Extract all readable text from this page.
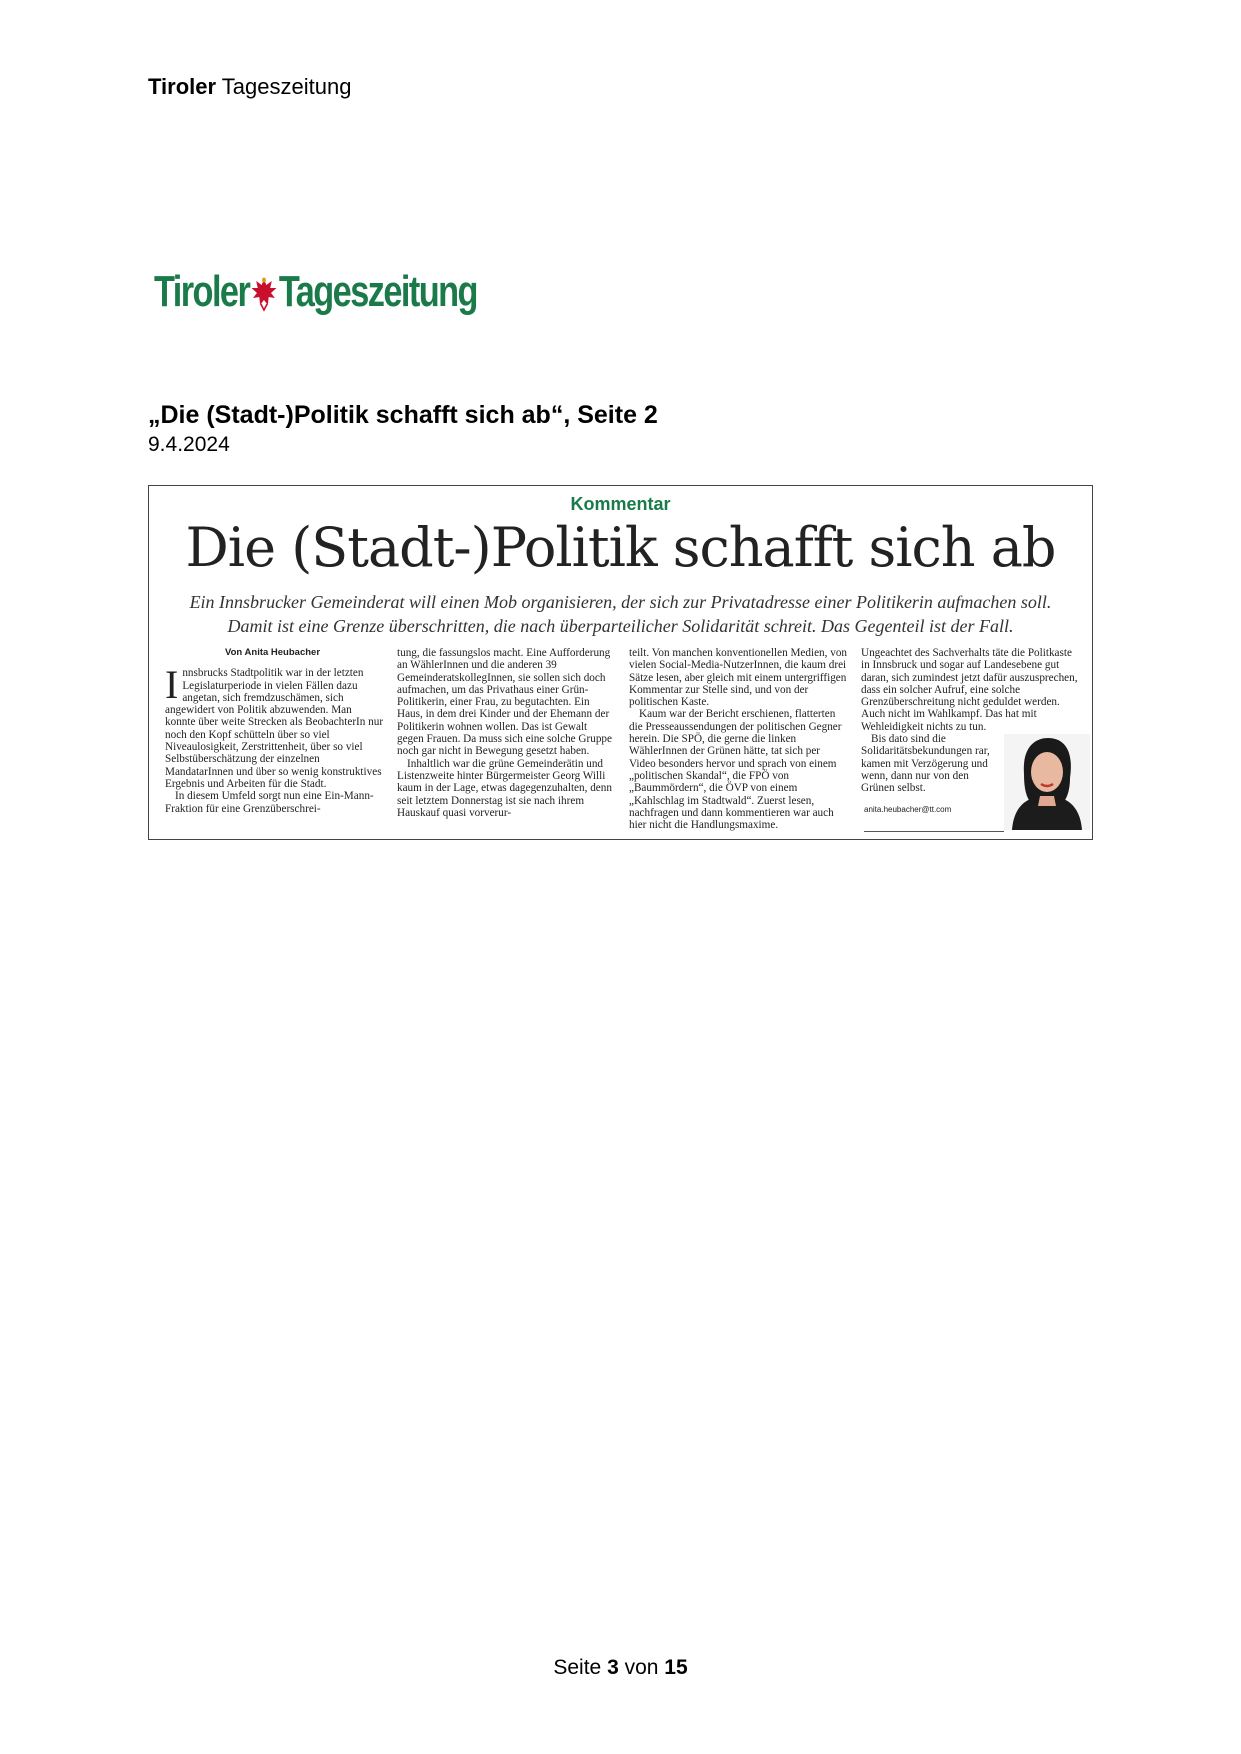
Tiroler Tageszeitung
Tiroler Tageszeitung
„Die (Stadt-)Politik schafft sich ab“, Seite 2
9.4.2024
Kommentar
Die (Stadt-)Politik schafft sich ab
Ein Innsbrucker Gemeinderat will einen Mob organisieren, der sich zur Privatadresse einer Politikerin aufmachen soll. Damit ist eine Grenze überschritten, die nach überparteilicher Solidarität schreit. Das Gegenteil ist der Fall.
Von Anita Heubacher

Innsbrucks Stadtpolitik war in der letzten Legislaturperiode in vielen Fällen dazu angetan, sich fremdzuschämen, sich angewidert von Politik abzuwenden. Man konnte über weite Strecken als BeobachterIn nur noch den Kopf schütteln über so viel Niveaulosigkeit, Zerstrittenheit, über so viel Selbstüberschätzung der einzelnen MandatarInnen und über so wenig konstruktives Ergebnis und Arbeiten für die Stadt.

In diesem Umfeld sorgt nun eine Ein-Mann-Fraktion für eine Grenzüberschrei-

tung, die fassungslos macht. Eine Aufforderung an WählerInnen und die anderen 39 GemeinderatskollegInnen, sie sollen sich doch aufmachen, um das Privathaus einer Grün-Politikerin, einer Frau, zu begutachten. Ein Haus, in dem drei Kinder und der Ehemann der Politikerin wohnen wollen. Das ist Gewalt gegen Frauen. Da muss sich eine solche Gruppe noch gar nicht in Bewegung gesetzt haben.

Inhaltlich war die grüne Gemeinderätin und Listenzweite hinter Bürgermeister Georg Willi kaum in der Lage, etwas dagegenzuhalten, denn seit letztem Donnerstag ist sie nach ihrem Hauskauf quasi vorverur-

teilt. Von manchen konventionellen Medien, von vielen Social-Media-NutzerInnen, die kaum drei Sätze lesen, aber gleich mit einem untergriffigen Kommentar zur Stelle sind, und von der politischen Kaste.

Kaum war der Bericht erschienen, flatterten die Presseaussendungen der politischen Gegner herein. Die SPÖ, die gerne die linken WählerInnen der Grünen hätte, tat sich per Video besonders hervor und sprach von einem „politischen Skandal“, die FPÖ von „Baummördern“, die ÖVP von einem „Kahlschlag im Stadtwald“. Zuerst lesen, nachfragen und dann kommentieren war auch hier nicht die Handlungsmaxime.

Ungeachtet des Sachverhalts täte die Politkaste in Innsbruck und sogar auf Landesebene gut daran, sich zumindest jetzt dafür auszusprechen, dass ein solcher Aufruf, eine solche Grenzüberschreitung nicht geduldet werden. Auch nicht im Wahlkampf. Das hat mit Wehleidigkeit nichts zu tun.

Bis dato sind die Solidaritätsbekundungen rar, kamen mit Verzögerung und wenn, dann nur von den Grünen selbst.

anita.heubacher@tt.com
Seite 3 von 15
